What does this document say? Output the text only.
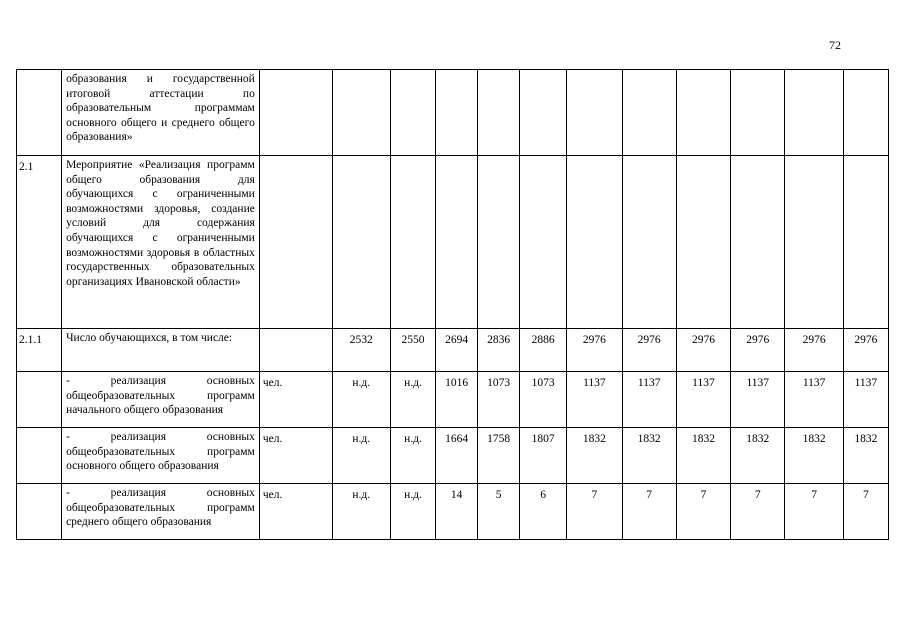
72
	образования и государственной итоговой аттестации по образовательным программам основного общего и среднего общего образования»												
2.1	Мероприятие «Реализация программ общего образования для обучающихся с ограниченными возможностями здоровья, создание условий для содержания обучающихся с ограниченными возможностями здоровья в областных государственных образовательных организациях Ивановской области»												
2.1.1	Число обучающихся, в том числе:		2532	2550	2694	2836	2886	2976	2976	2976	2976	2976	2976
	- реализация основных общеобразовательных программ начального общего образования	чел.	н.д.	н.д.	1016	1073	1073	1137	1137	1137	1137	1137	1137
	- реализация основных общеобразовательных программ основного общего образования	чел.	н.д.	н.д.	1664	1758	1807	1832	1832	1832	1832	1832	1832
	- реализация основных общеобразовательных программ среднего общего образования	чел.	н.д.	н.д.	14	5	6	7	7	7	7	7	7
